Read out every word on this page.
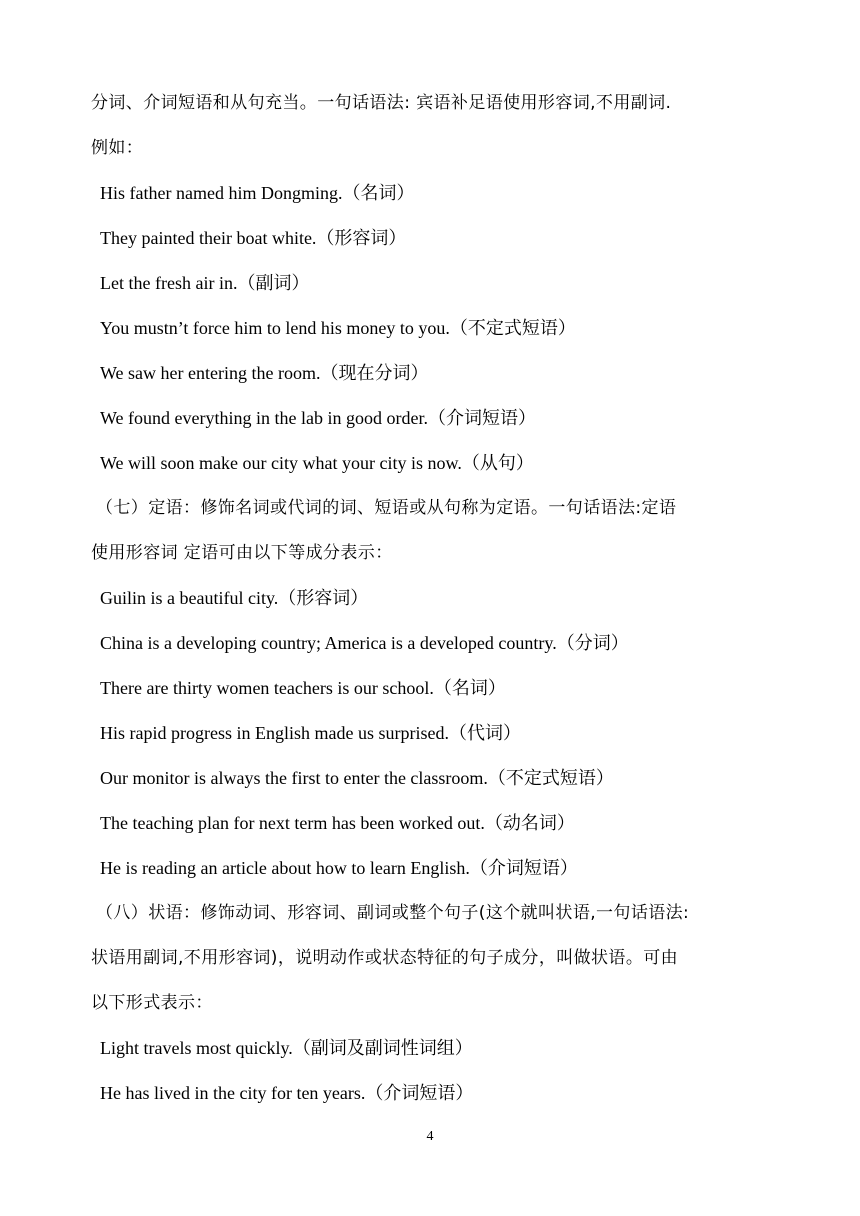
分词、介词短语和从句充当。一句话语法: 宾语补足语使用形容词,不用副词.
例如：
His father named him Dongming.（名词）
They painted their boat white.（形容词）
Let the fresh air in.（副词）
You mustn’t force him to lend his money to you.（不定式短语）
We saw her entering the room.（现在分词）
We found everything in the lab in good order.（介词短语）
We will soon make our city what your city is now.（从句）
（七）定语：修饰名词或代词的词、短语或从句称为定语。一句话语法:定语
使用形容词 定语可由以下等成分表示：
Guilin is a beautiful city.（形容词）
China is a developing country; America is a developed country.（分词）
There are thirty women teachers is our school.（名词）
His rapid progress in English made us surprised.（代词）
Our monitor is always the first to enter the classroom.（不定式短语）
The teaching plan for next term has been worked out.（动名词）
He is reading an article about how to learn English.（介词短语）
（八）状语：修饰动词、形容词、副词或整个句子(这个就叫状语,一句话语法:
状语用副词,不用形容词)，说明动作或状态特征的句子成分，叫做状语。可由
以下形式表示：
Light travels most quickly.（副词及副词性词组）
He has lived in the city for ten years.（介词短语）
4
